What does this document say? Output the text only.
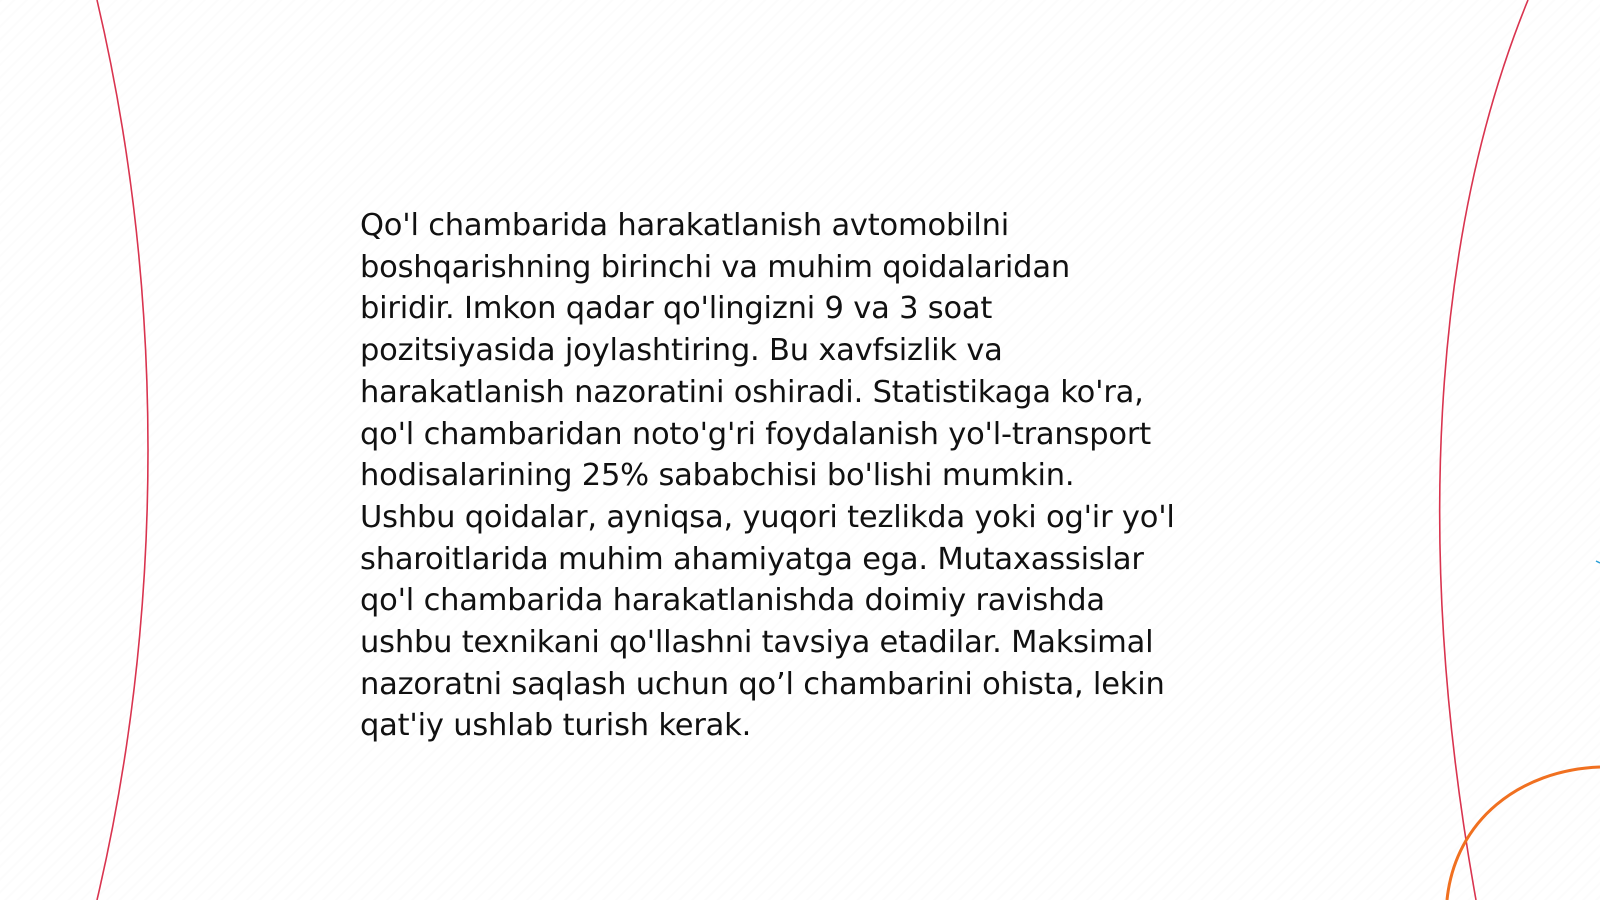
Qo'l chambarida harakatlanish avtomobilni
boshqarishning birinchi va muhim qoidalaridan
biridir. Imkon qadar qo'lingizni 9 va 3 soat
pozitsiyasida joylashtiring. Bu xavfsizlik va
harakatlanish nazoratini oshiradi. Statistikaga ko'ra,
qo'l chambaridan noto'g'ri foydalanish yo'l-transport
hodisalarining 25% sababchisi bo'lishi mumkin.
Ushbu qoidalar, ayniqsa, yuqori tezlikda yoki og'ir yo'l
sharoitlarida muhim ahamiyatga ega. Mutaxassislar
qo'l chambarida harakatlanishda doimiy ravishda
ushbu texnikani qo'llashni tavsiya etadilar. Maksimal
nazoratni saqlash uchun qo’l chambarini ohista, lekin
qat'iy ushlab turish kerak.
